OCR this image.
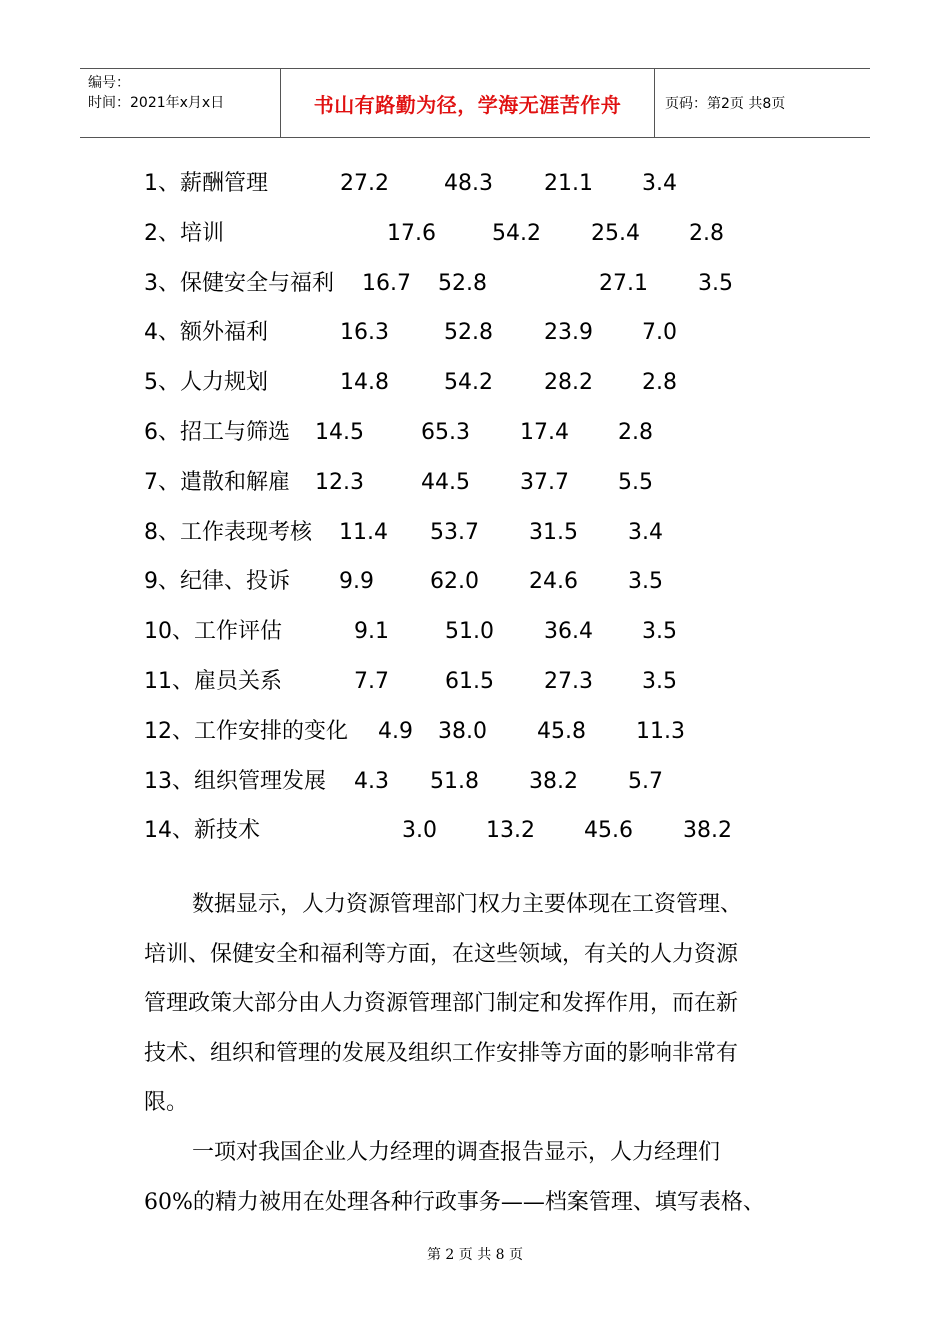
编号：
时间：2021年x月x日	书山有路勤为径，学海无涯苦作舟	页码：第2页 共8页
1、薪酬管理	27.2	48.3 21.1 3.4
2、培训	17.6	54.2 25.4 2.8
3、保健安全与福利 16.7 52.8	27.1 3.5
4、额外福利	16.3	52.8 23.9 7.0
5、人力规划	14.8	54.2 28.2 2.8
6、招工与筛选 14.5	65.3 17.4 2.8
7、遣散和解雇 12.3	44.5 37.7 5.5
8、工作表现考核 11.4 53.7 31.5 3.4
9、纪律、投诉 9.9	62.0 24.6 3.5
10、工作评估	9.1	51.0 36.4 3.5
11、雇员关系	7.7	61.5 27.3 3.5
12、工作安排的变化 4.9 38.0 45.8 11.3
13、组织管理发展 4.3 51.8 38.2 5.7
14、新技术	3.0 13.2 45.6 38.2
数据显示，人力资源管理部门权力主要体现在工资管理、
培训、保健安全和福利等方面，在这些领域，有关的人力资源
管理政策大部分由人力资源管理部门制定和发挥作用，而在新
技术、组织和管理的发展及组织工作安排等方面的影响非常有
限。
一项对我国企业人力经理的调查报告显示，人力经理们
60%的精力被用在处理各种行政事务——档案管理、填写表格、
第 2 页 共 8 页
